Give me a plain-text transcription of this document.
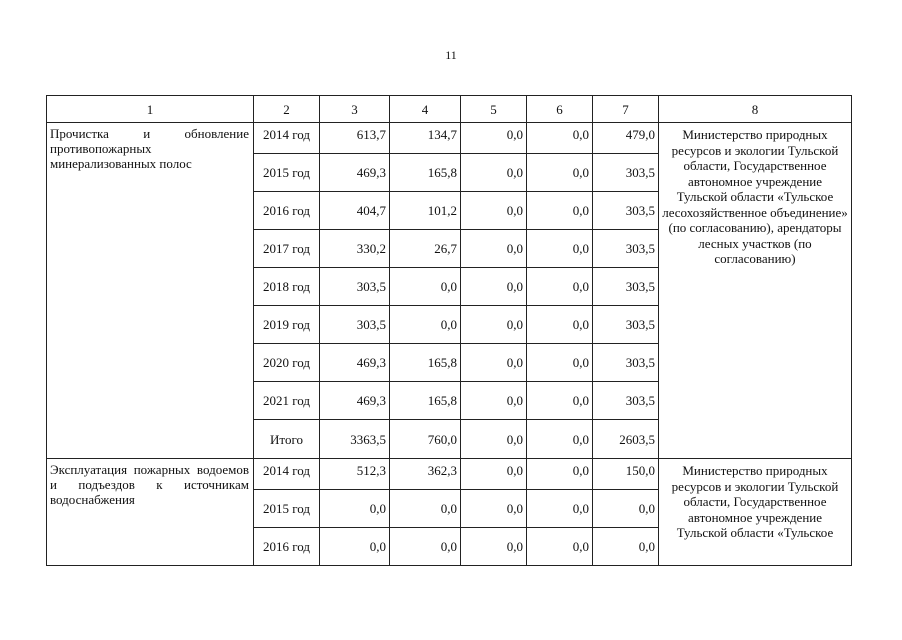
11
1	2	3	4	5	6	7	8
Прочистка и обновление противопожарных минерализованных полос	2014 год	613,7	134,7	0,0	0,0	479,0	Министерство природных ресурсов и экологии Тульской области, Государственное автономное учреждение Тульской области «Тульское лесохозяйственное объединение» (по согласованию), арендаторы лесных участков (по согласованию)
	2015 год	469,3	165,8	0,0	0,0	303,5	
	2016 год	404,7	101,2	0,0	0,0	303,5	
	2017 год	330,2	26,7	0,0	0,0	303,5	
	2018 год	303,5	0,0	0,0	0,0	303,5	
	2019 год	303,5	0,0	0,0	0,0	303,5	
	2020 год	469,3	165,8	0,0	0,0	303,5	
	2021 год	469,3	165,8	0,0	0,0	303,5	
	Итого	3363,5	760,0	0,0	0,0	2603,5	
Эксплуатация пожарных водоемов и подъездов к источникам водоснабжения	2014 год	512,3	362,3	0,0	0,0	150,0	Министерство природных ресурсов и экологии Тульской области, Государственное автономное учреждение Тульской области «Тульское
	2015 год	0,0	0,0	0,0	0,0	0,0	
	2016 год	0,0	0,0	0,0	0,0	0,0	
